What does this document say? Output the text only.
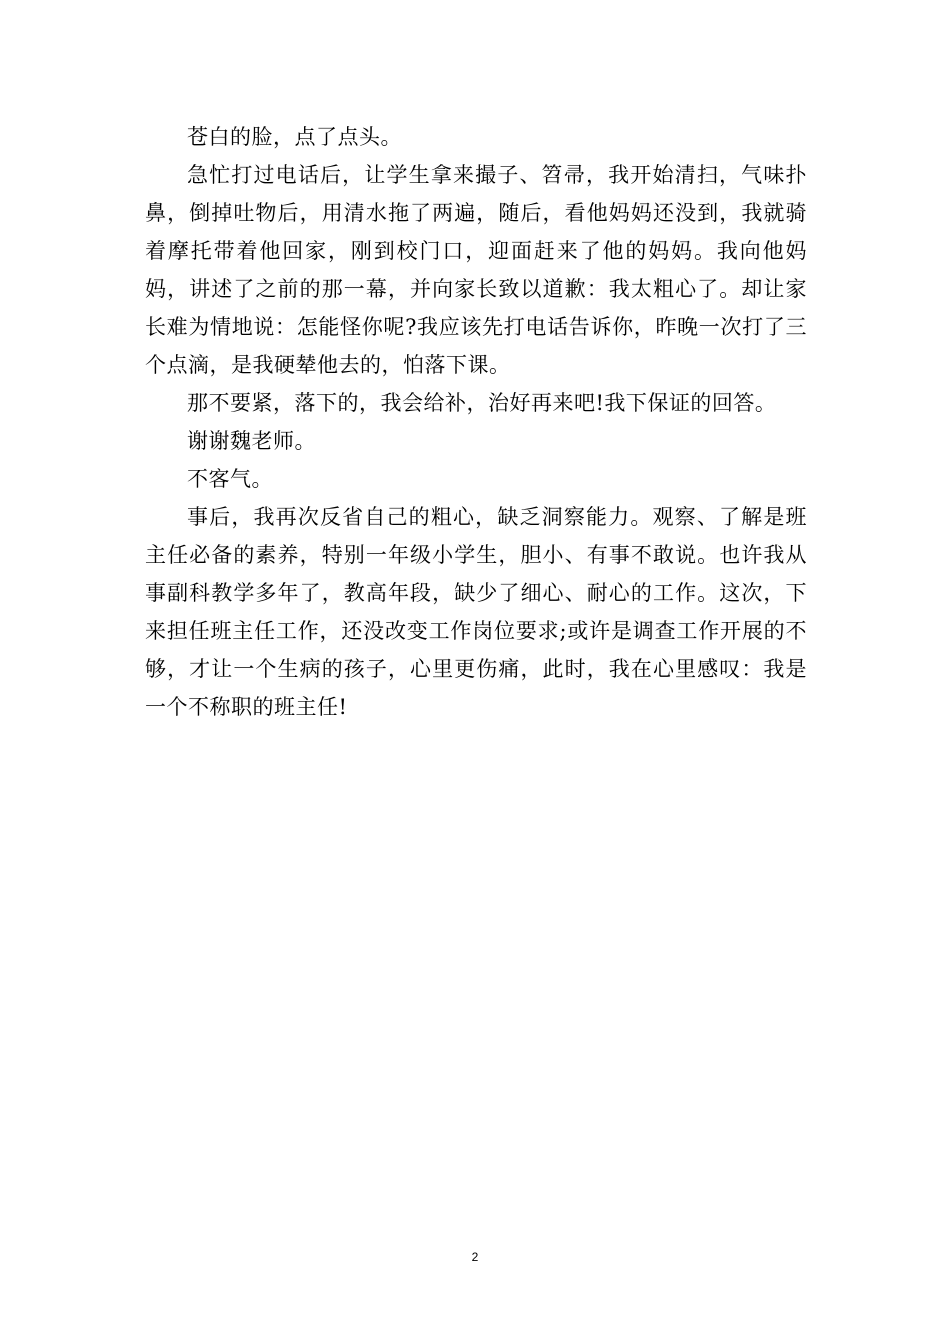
苍白的脸，点了点头。

急忙打过电话后，让学生拿来撮子、笤帚，我开始清扫，气味扑鼻，倒掉吐物后，用清水拖了两遍，随后，看他妈妈还没到，我就骑着摩托带着他回家，刚到校门口，迎面赶来了他的妈妈。我向他妈妈，讲述了之前的那一幕，并向家长致以道歉：我太粗心了。却让家长难为情地说：怎能怪你呢?我应该先打电话告诉你，昨晚一次打了三个点滴，是我硬辇他去的，怕落下课。

那不要紧，落下的，我会给补，治好再来吧!我下保证的回答。

谢谢魏老师。

不客气。

事后，我再次反省自己的粗心，缺乏洞察能力。观察、了解是班主任必备的素养，特别一年级小学生，胆小、有事不敢说。也许我从事副科教学多年了，教高年段，缺少了细心、耐心的工作。这次，下来担任班主任工作，还没改变工作岗位要求;或许是调查工作开展的不够，才让一个生病的孩子，心里更伤痛，此时，我在心里感叹：我是一个不称职的班主任!

2
